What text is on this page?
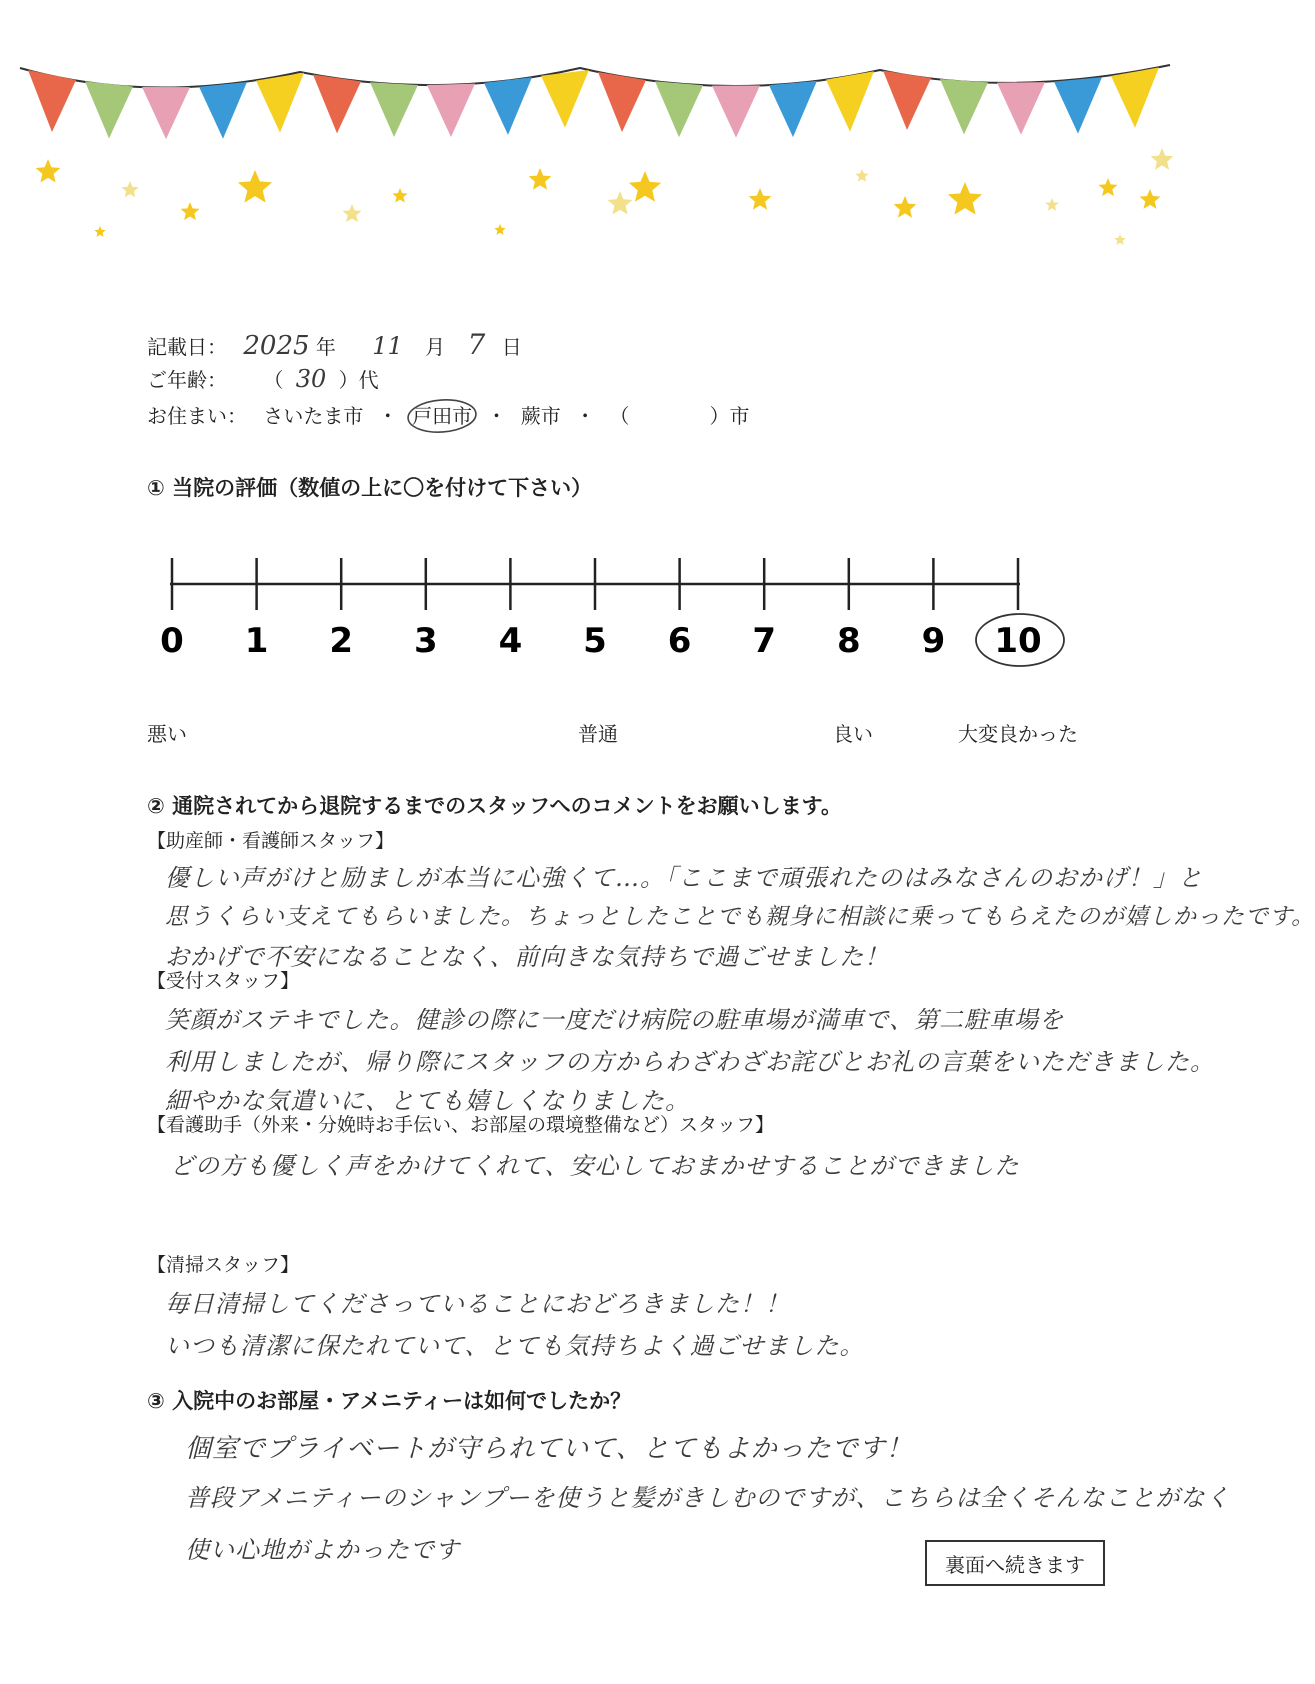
記載日： 2025 年 11 月 7 日
ご年齢： （ 30 ）代
お住まい： さいたま市 ・ 戸田市 ・ 蕨市 ・ （　　　　）市
① 当院の評価（数値の上に〇を付けて下さい）
0 1 2 3 4 5 6 7 8 9 10
悪い	普通	良い	大変良かった
② 通院されてから退院するまでのスタッフへのコメントをお願いします。
【助産師・看護師スタッフ】
優しい声がけと励ましが本当に心強くて…。「ここまで頑張れたのはみなさんのおかげ！」と
思うくらい支えてもらいました。ちょっとしたことでも親身に相談に乗ってもらえたのが嬉しかったです。
おかげで不安になることなく、前向きな気持ちで過ごせました！
【受付スタッフ】
笑顔がステキでした。健診の際に一度だけ病院の駐車場が満車で、第二駐車場を
利用しましたが、帰り際にスタッフの方からわざわざお詫びとお礼の言葉をいただきました。
細やかな気遣いに、とても嬉しくなりました。
【看護助手（外来・分娩時お手伝い、お部屋の環境整備など）スタッフ】
どの方も優しく声をかけてくれて、安心しておまかせすることができました
【清掃スタッフ】
毎日清掃してくださっていることにおどろきました！！
いつも清潔に保たれていて、とても気持ちよく過ごせました。
③ 入院中のお部屋・アメニティーは如何でしたか？
個室でプライベートが守られていて、とてもよかったです！
普段アメニティーのシャンプーを使うと髪がきしむのですが、こちらは全くそんなことがなく
使い心地がよかったです
裏面へ続きます
